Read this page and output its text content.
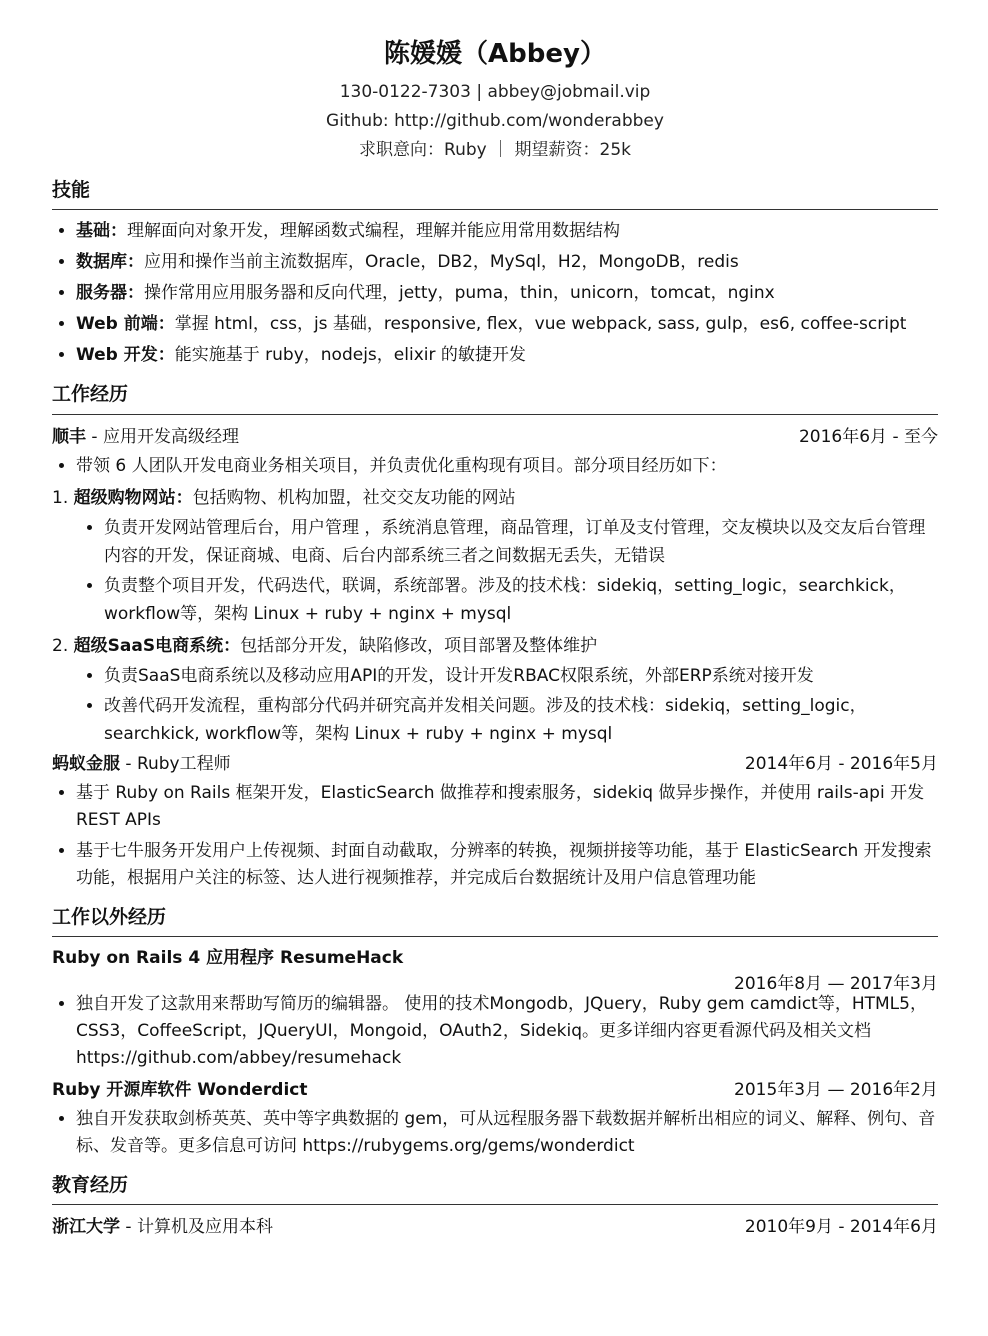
陈媛媛（Abbey）
130-0122-7303 | abbey@jobmail.vip
Github: http://github.com/wonderabbey
求职意向：Ruby ｜ 期望薪资：25k
技能
• 基础：理解面向对象开发，理解函数式编程，理解并能应用常用数据结构
• 数据库：应用和操作当前主流数据库，Oracle，DB2，MySql，H2，MongoDB，redis
• 服务器：操作常用应用服务器和反向代理，jetty，puma，thin，unicorn，tomcat，nginx
• Web 前端：掌握 html，css，js 基础，responsive, flex，vue webpack, sass, gulp，es6, coffee-script
• Web 开发：能实施基于 ruby，nodejs，elixir 的敏捷开发
工作经历
顺丰 - 应用开发高级经理	2016年6月 - 至今
• 带领 6 人团队开发电商业务相关项目，并负责优化重构现有项目。部分项目经历如下：
1. 超级购物网站：包括购物、机构加盟，社交交友功能的网站
• 负责开发网站管理后台，用户管理 ，系统消息管理，商品管理，订单及支付管理，交友模块以及交友后台管理内容的开发，保证商城、电商、后台内部系统三者之间数据无丢失，无错误
• 负责整个项目开发，代码迭代，联调，系统部署。涉及的技术栈：sidekiq，setting_logic，searchkick，workflow等，架构 Linux + ruby + nginx + mysql
2. 超级SaaS电商系统：包括部分开发，缺陷修改，项目部署及整体维护
• 负责SaaS电商系统以及移动应用API的开发，设计开发RBAC权限系统，外部ERP系统对接开发
• 改善代码开发流程，重构部分代码并研究高并发相关问题。涉及的技术栈：sidekiq，setting_logic，searchkick, workflow等，架构 Linux + ruby + nginx + mysql
蚂蚁金服 - Ruby工程师	2014年6月 - 2016年5月
• 基于 Ruby on Rails 框架开发，ElasticSearch 做推荐和搜索服务，sidekiq 做异步操作，并使用 rails-api 开发 REST APIs
• 基于七牛服务开发用户上传视频、封面自动截取，分辨率的转换，视频拼接等功能，基于 ElasticSearch 开发搜索功能，根据用户关注的标签、达人进行视频推荐，并完成后台数据统计及用户信息管理功能
工作以外经历
Ruby on Rails 4 应用程序 ResumeHack
2016年8月 — 2017年3月
• 独自开发了这款用来帮助写简历的编辑器。 使用的技术Mongodb，JQuery，Ruby gem camdict等，HTML5，CSS3，CoffeeScript，JQueryUI，Mongoid，OAuth2，Sidekiq。更多详细内容更看源代码及相关文档 https://github.com/abbey/resumehack
Ruby 开源库软件 Wonderdict	2015年3月 — 2016年2月
• 独自开发获取剑桥英英、英中等字典数据的 gem，可从远程服务器下载数据并解析出相应的词义、解释、例句、音标、发音等。更多信息可访问 https://rubygems.org/gems/wonderdict
教育经历
浙江大学 - 计算机及应用本科	2010年9月 - 2014年6月
